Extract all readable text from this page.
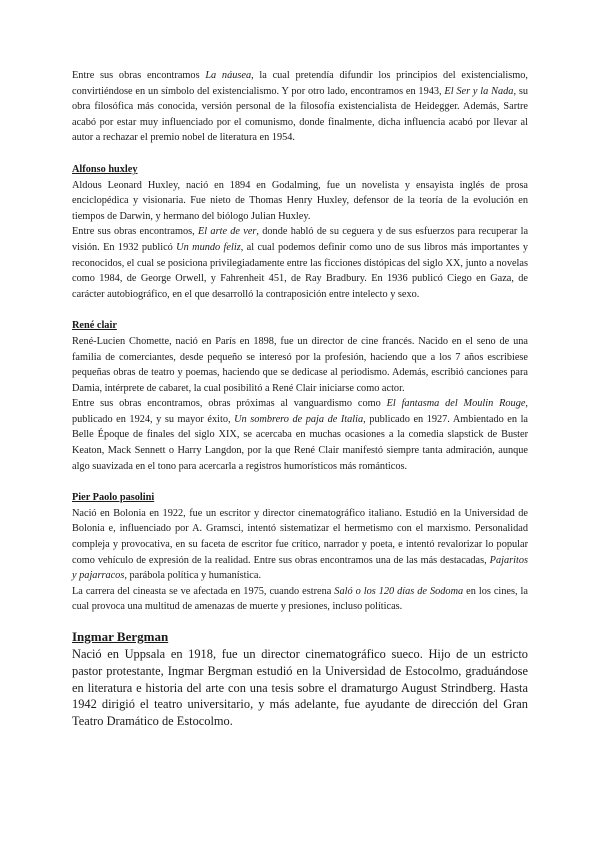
Entre sus obras encontramos La náusea, la cual pretendía difundir los principios del existencialismo, convirtiéndose en un símbolo del existencialismo. Y por otro lado, encontramos en 1943, El Ser y la Nada, su obra filosófica más conocida, versión personal de la filosofía existencialista de Heidegger. Además, Sartre acabó por estar muy influenciado por el comunismo, donde finalmente, dicha influencia acabó por llevar al autor a rechazar el premio nobel de literatura en 1954.

Alfonso huxley

Aldous Leonard Huxley, nació en 1894 en Godalming, fue un novelista y ensayista inglés de prosa enciclopédica y visionaria. Fue nieto de Thomas Henry Huxley, defensor de la teoría de la evolución en tiempos de Darwin, y hermano del biólogo Julian Huxley.

Entre sus obras encontramos, El arte de ver, donde habló de su ceguera y de sus esfuerzos para recuperar la visión. En 1932 publicó Un mundo feliz, al cual podemos definir como uno de sus libros más importantes y reconocidos, el cual se posiciona privilegiadamente entre las ficciones distópicas del siglo XX, junto a novelas como 1984, de George Orwell, y Fahrenheit 451, de Ray Bradbury. En 1936 publicó Ciego en Gaza, de carácter autobiográfico, en el que desarrolló la contraposición entre intelecto y sexo.

René clair

René-Lucien Chomette, nació en París en 1898, fue un director de cine francés. Nacido en el seno de una familia de comerciantes, desde pequeño se interesó por la profesión, haciendo que a los 7 años escribiese pequeñas obras de teatro y poemas, haciendo que se dedicase al periodismo. Además, escribió canciones para Damia, intérprete de cabaret, la cual posibilitó a René Clair iniciarse como actor.

Entre sus obras encontramos, obras próximas al vanguardismo como El fantasma del Moulin Rouge, publicado en 1924, y su mayor éxito, Un sombrero de paja de Italia, publicado en 1927. Ambientado en la Belle Époque de finales del siglo XIX, se acercaba en muchas ocasiones a la comedia slapstick de Buster Keaton, Mack Sennett o Harry Langdon, por la que René Clair manifestó siempre tanta admiración, aunque algo suavizada en el tono para acercarla a registros humorísticos más románticos.

Pier Paolo pasolini

Nació en Bolonia en 1922, fue un escritor y director cinematográfico italiano. Estudió en la Universidad de Bolonia e, influenciado por A. Gramsci, intentó sistematizar el hermetismo con el marxismo. Personalidad compleja y provocativa, en su faceta de escritor fue crítico, narrador y poeta, e intentó revalorizar lo popular como vehículo de expresión de la realidad. Entre sus obras encontramos una de las más destacadas, Pajaritos y pajarracos, parábola política y humanística.

La carrera del cineasta se ve afectada en 1975, cuando estrena Saló o los 120 días de Sodoma en los cines, la cual provoca una multitud de amenazas de muerte y presiones, incluso políticas.

Ingmar Bergman

Nació en Uppsala en 1918, fue un director cinematográfico sueco. Hijo de un estricto pastor protestante, Ingmar Bergman estudió en la Universidad de Estocolmo, graduándose en literatura e historia del arte con una tesis sobre el dramaturgo August Strindberg. Hasta 1942 dirigió el teatro universitario, y más adelante, fue ayudante de dirección del Gran Teatro Dramático de Estocolmo.
